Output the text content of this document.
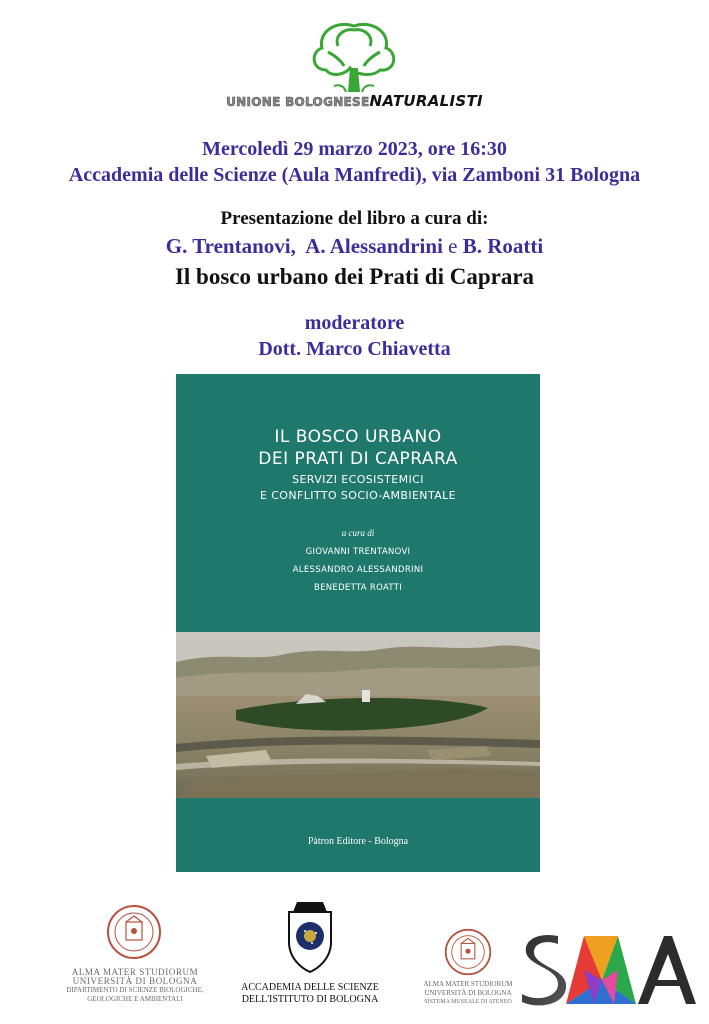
UNIONE BOLOGNESENATURALISTI
Mercoledì 29 marzo 2023, ore 16:30
Accademia delle Scienze (Aula Manfredi), via Zamboni 31 Bologna
Presentazione del libro a cura di:
G. Trentanovi, A. Alessandrini e B. Roatti
Il bosco urbano dei Prati di Caprara
moderatore
Dott. Marco Chiavetta
IL BOSCO URBANO
DEI PRATI DI CAPRARA
SERVIZI ECOSISTEMICI
E CONFLITTO SOCIO-AMBIENTALE
a cura di
GIOVANNI TRENTANOVI
ALESSANDRO ALESSANDRINI
BENEDETTA ROATTI
Pàtron Editore - Bologna
ALMA MATER STUDIORUM
UNIVERSITÀ DI BOLOGNA
DIPARTIMENTO DI SCIENZE BIOLOGICHE,
GEOLOGICHE E AMBIENTALI
ACCADEMIA DELLE SCIENZE
DELL'ISTITUTO DI BOLOGNA
ALMA MATER STUDIORUM
UNIVERSITÀ DI BOLOGNA
SISTEMA MUSEALE DI ATENEO
